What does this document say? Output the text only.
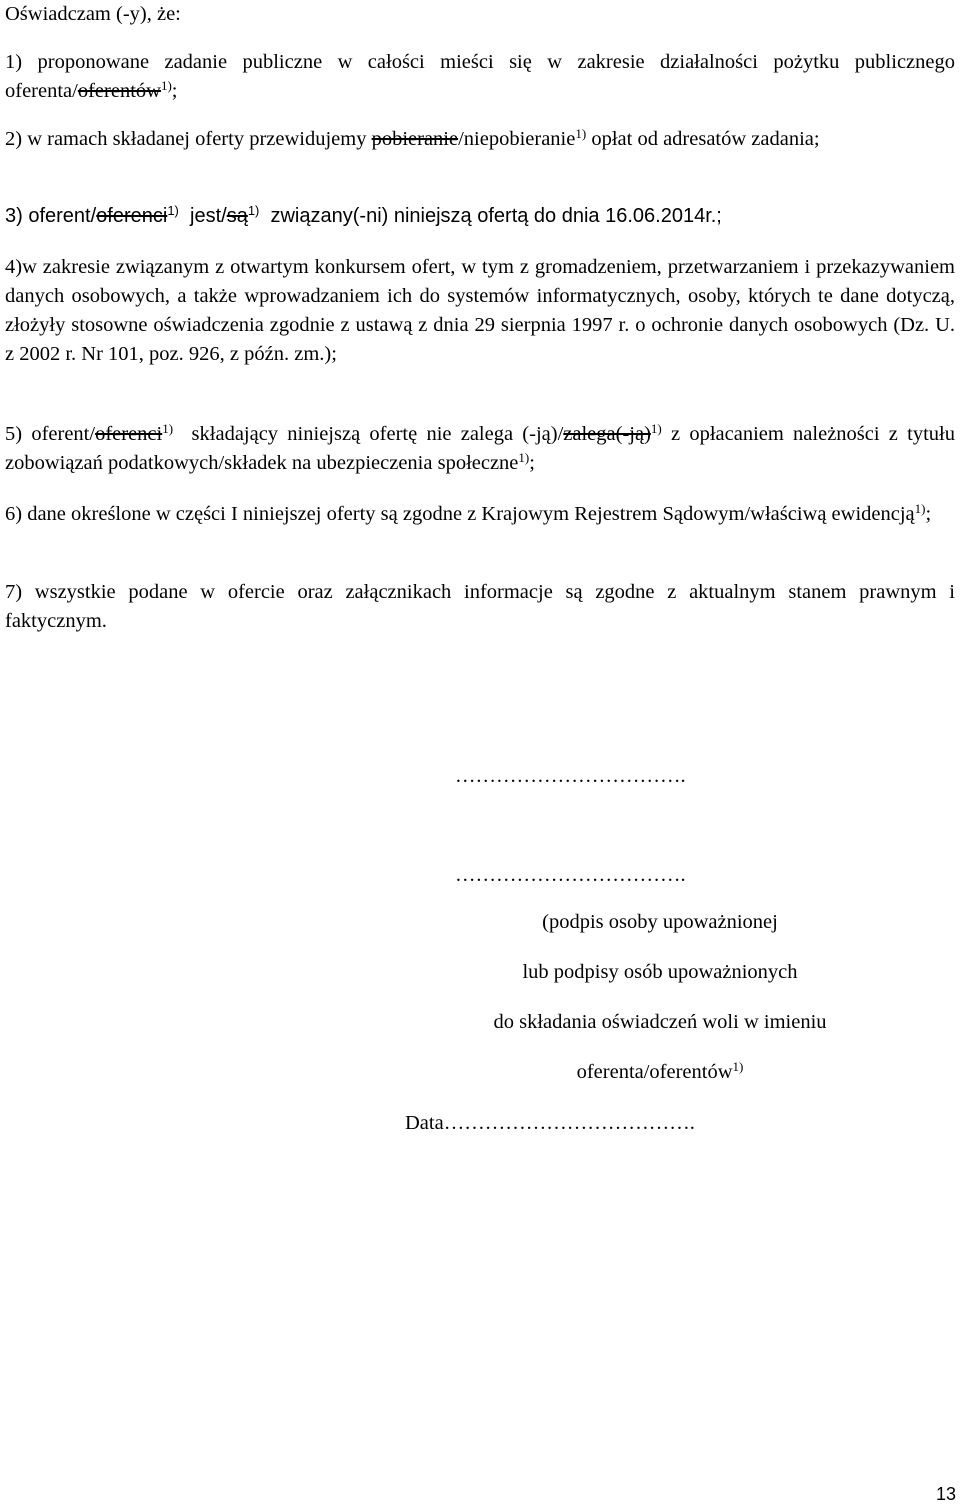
Oświadczam (-y), że:
1) proponowane zadanie publiczne w całości mieści się w zakresie działalności pożytku publicznego oferenta/oferentów$^{1)}$;
2) w ramach składanej oferty przewidujemy pobieranie/niepobieranie$^{1)}$ opłat od adresatów zadania;
3) oferent/oferenci$^{1)}$  jest/$są^{1)}$  związany(-ni) niniejszą ofertą do dnia 16.06.2014r.;
4)w zakresie związanym z otwartym konkursem ofert, w tym z gromadzeniem, przetwarzaniem i przekazywaniem danych osobowych, a także wprowadzaniem ich do systemów informatycznych, osoby, których te dane dotyczą, złożyły stosowne oświadczenia zgodnie z ustawą z dnia 29 sierpnia 1997 r. o ochronie danych osobowych (Dz. U. z 2002 r. Nr 101, poz. 926, z późn. zm.);
5) oferent/oferenci$^{1)}$  składający niniejszą ofertę nie zalega (-ją)/zalega(-ją)$^{1)}$ z opłacaniem należności z tytułu zobowiązań podatkowych/składek na ubezpieczenia społeczne$^{1)}$;
6) dane określone w części I niniejszej oferty są zgodne z Krajowym Rejestrem Sądowym/właściwą ewidencją$^{1)}$;
7) wszystkie podane w ofercie oraz załącznikach informacje są zgodne z aktualnym stanem prawnym i faktycznym.
…………………………….
…………………………….
(podpis osoby upoważnionej
lub podpisy osób upoważnionych
do składania oświadczeń woli w imieniu
oferenta/oferentów$^{1)}$
Data……………………………….
13
